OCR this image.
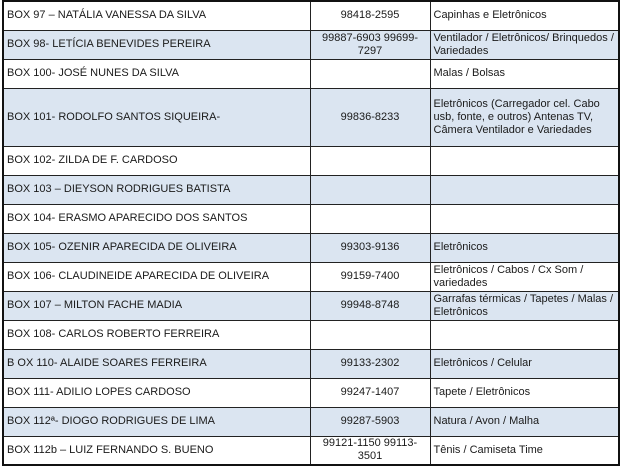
BOX 97 – NATÁLIA VANESSA DA SILVA	98418-2595	Capinhas e Eletrônicos
BOX 98- LETÍCIA BENEVIDES PEREIRA	99887-6903 99699-7297	Ventilador / Eletrônicos/ Brinquedos / Variedades
BOX 100- JOSÉ NUNES DA SILVA		Malas / Bolsas
BOX 101- RODOLFO SANTOS SIQUEIRA-	99836-8233	Eletrônicos (Carregador cel. Cabo usb, fonte, e outros) Antenas TV, Câmera Ventilador e Variedades
BOX 102- ZILDA DE F. CARDOSO		
BOX 103 – DIEYSON RODRIGUES BATISTA		
BOX 104- ERASMO APARECIDO DOS SANTOS		
BOX 105- OZENIR APARECIDA DE OLIVEIRA	99303-9136	Eletrônicos
BOX 106- CLAUDINEIDE APARECIDA DE OLIVEIRA	99159-7400	Eletrônicos / Cabos / Cx Som / variedades
BOX 107 – MILTON FACHE MADIA	99948-8748	Garrafas térmicas / Tapetes / Malas / Eletrônicos
BOX 108- CARLOS ROBERTO FERREIRA		
B OX 110- ALAIDE SOARES FERREIRA	99133-2302	Eletrônicos / Celular
BOX 111- ADILIO LOPES CARDOSO	99247-1407	Tapete / Eletrônicos
BOX 112ª- DIOGO RODRIGUES DE LIMA	99287-5903	Natura / Avon / Malha
BOX 112b – LUIZ FERNANDO S. BUENO	99121-1150 99113-3501	Tênis / Camiseta Time
